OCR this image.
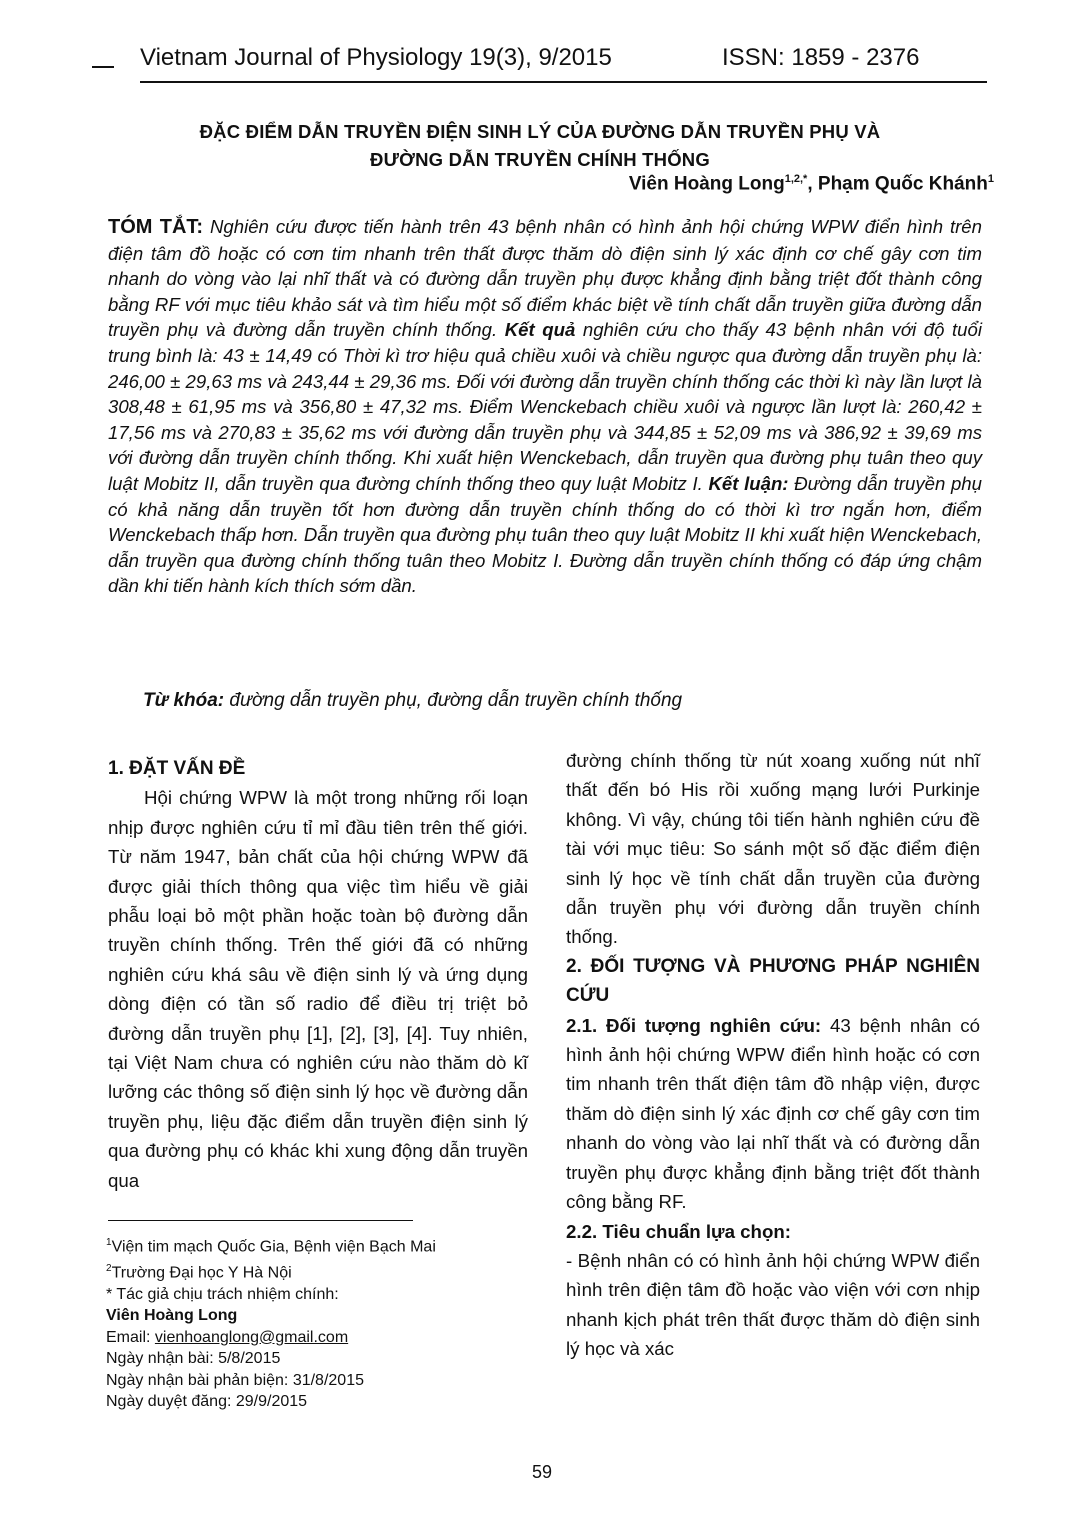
Vietnam Journal of Physiology 19(3), 9/2015	ISSN: 1859 - 2376
ĐẶC ĐIỂM DẪN TRUYỀN ĐIỆN SINH LÝ CỦA ĐƯỜNG DẪN TRUYỀN PHỤ VÀ
ĐƯỜNG DẪN TRUYỀN CHÍNH THỐNG
Viên Hoàng Long$^{1,2,*}$, Phạm Quốc Khánh$^1$
TÓM TẮT: Nghiên cứu được tiến hành trên 43 bệnh nhân có hình ảnh hội chứng WPW điển hình trên điện tâm đồ hoặc có cơn tim nhanh trên thất được thăm dò điện sinh lý xác định cơ chế gây cơn tim nhanh do vòng vào lại nhĩ thất và có đường dẫn truyền phụ được khẳng định bằng triệt đốt thành công bằng RF với mục tiêu khảo sát và tìm hiểu một số điểm khác biệt về tính chất dẫn truyền giữa đường dẫn truyền phụ và đường dẫn truyền chính thống. Kết quả nghiên cứu cho thấy 43 bệnh nhân với độ tuổi trung bình là: 43 ± 14,49 có Thời kì trơ hiệu quả chiều xuôi và chiều ngược qua đường dẫn truyền phụ là: 246,00 ± 29,63 ms và 243,44 ± 29,36 ms. Đối với đường dẫn truyền chính thống các thời kì này lần lượt là 308,48 ± 61,95 ms và 356,80 ± 47,32 ms. Điểm Wenckebach chiều xuôi và ngược lần lượt là: 260,42 ± 17,56 ms và 270,83 ± 35,62 ms với đường dẫn truyền phụ và 344,85 ± 52,09 ms và 386,92 ± 39,69 ms với đường dẫn truyền chính thống. Khi xuất hiện Wenckebach, dẫn truyền qua đường phụ tuân theo quy luật Mobitz II, dẫn truyền qua đường chính thống theo quy luật Mobitz I. Kết luận: Đường dẫn truyền phụ có khả năng dẫn truyền tốt hơn đường dẫn truyền chính thống do có thời kì trơ ngắn hơn, điểm Wenckebach thấp hơn. Dẫn truyền qua đường phụ tuân theo quy luật Mobitz II khi xuất hiện Wenckebach, dẫn truyền qua đường chính thống tuân theo Mobitz I. Đường dẫn truyền chính thống có đáp ứng chậm dần khi tiến hành kích thích sớm dần.
Từ khóa: đường dẫn truyền phụ, đường dẫn truyền chính thống

1. ĐẶT VẤN ĐỀ

Hội chứng WPW là một trong những rối loạn nhịp được nghiên cứu tỉ mỉ đầu tiên trên thế giới. Từ năm 1947, bản chất của hội chứng WPW đã được giải thích thông qua việc tìm hiểu về giải phẫu loại bỏ một phần hoặc toàn bộ đường dẫn truyền chính thống. Trên thế giới đã có những nghiên cứu khá sâu về điện sinh lý và ứng dụng dòng điện có tần số radio để điều trị triệt bỏ đường dẫn truyền phụ [1], [2], [3], [4]. Tuy nhiên, tại Việt Nam chưa có nghiên cứu nào thăm dò kĩ lưỡng các thông số điện sinh lý học về đường dẫn truyền phụ, liệu đặc điểm dẫn truyền điện sinh lý qua đường phụ có khác khi xung động dẫn truyền qua

đường chính thống từ nút xoang xuống nút nhĩ thất đến bó His rồi xuống mạng lưới Purkinje không. Vì vậy, chúng tôi tiến hành nghiên cứu đề tài với mục tiêu: So sánh một số đặc điểm điện sinh lý học về tính chất dẫn truyền của đường dẫn truyền phụ với đường dẫn truyền chính thống.

2. ĐỐI TƯỢNG VÀ PHƯƠNG PHÁP NGHIÊN CỨU

2.1. Đối tượng nghiên cứu: 43 bệnh nhân có hình ảnh hội chứng WPW điển hình hoặc có cơn tim nhanh trên thất điện tâm đồ nhập viện, được thăm dò điện sinh lý xác định cơ chế gây cơn tim nhanh do vòng vào lại nhĩ thất và có đường dẫn truyền phụ được khẳng định bằng triệt đốt thành công bằng RF.

2.2. Tiêu chuẩn lựa chọn:

- Bệnh nhân có có hình ảnh hội chứng WPW điển hình trên điện tâm đồ hoặc vào viện với cơn nhịp nhanh kịch phát trên thất được thăm dò điện sinh lý học và xác

$^1$Viện tim mạch Quốc Gia, Bệnh viện Bạch Mai
$^2$Trường Đại học Y Hà Nội
* Tác giả chịu trách nhiệm chính:
Viên Hoàng Long
Email: vienhoanglong@gmail.com
Ngày nhận bài: 5/8/2015
Ngày nhận bài phản biện: 31/8/2015
Ngày duyệt đăng: 29/9/2015
59
